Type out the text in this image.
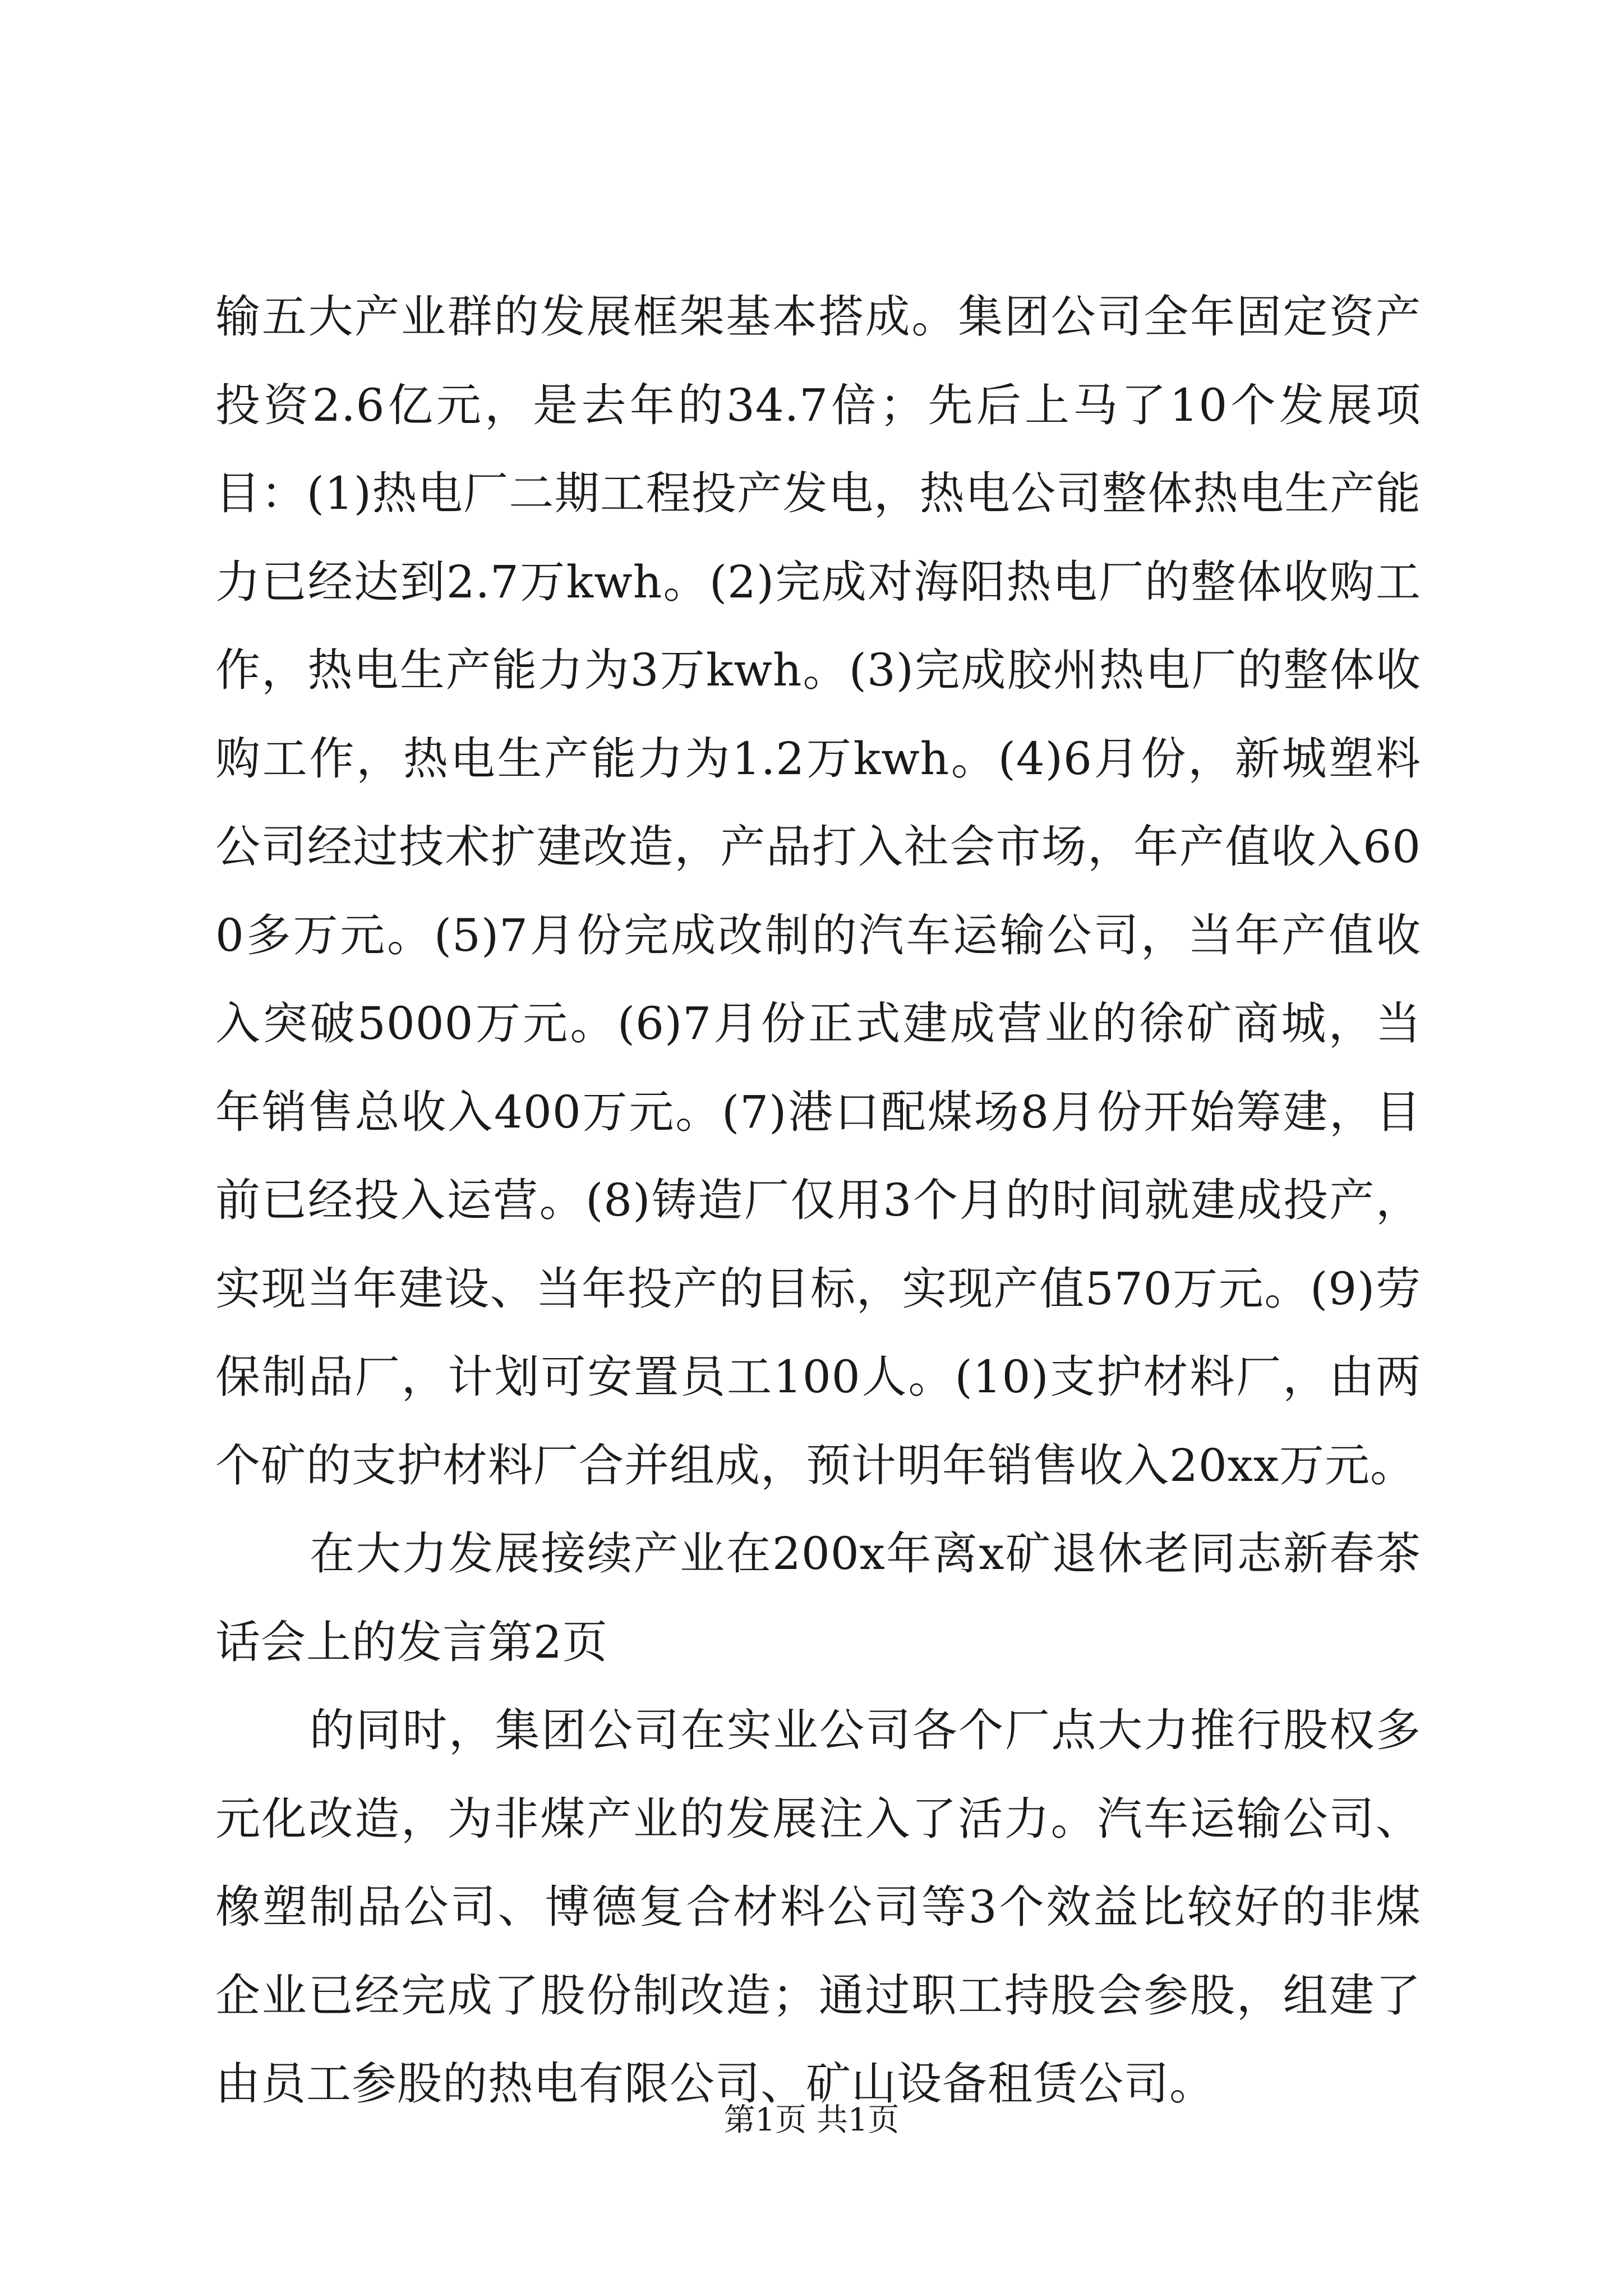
输五大产业群的发展框架基本搭成。集团公司全年固定资产投资2.6亿元，是去年的34.7倍；先后上马了10个发展项目：(1)热电厂二期工程投产发电，热电公司整体热电生产能力已经达到2.7万kwh。(2)完成对海阳热电厂的整体收购工作，热电生产能力为3万kwh。(3)完成胶州热电厂的整体收购工作，热电生产能力为1.2万kwh。(4)6月份，新城塑料公司经过技术扩建改造，产品打入社会市场，年产值收入600多万元。(5)7月份完成改制的汽车运输公司，当年产值收入突破5000万元。(6)7月份正式建成营业的徐矿商城，当年销售总收入400万元。(7)港口配煤场8月份开始筹建，目前已经投入运营。(8)铸造厂仅用3个月的时间就建成投产，实现当年建设、当年投产的目标，实现产值570万元。(9)劳保制品厂，计划可安置员工100人。(10)支护材料厂，由两个矿的支护材料厂合并组成，预计明年销售收入20xx万元。

在大力发展接续产业在200x年离x矿退休老同志新春茶话会上的发言第2页

的同时，集团公司在实业公司各个厂点大力推行股权多元化改造，为非煤产业的发展注入了活力。汽车运输公司、橡塑制品公司、博德复合材料公司等3个效益比较好的非煤企业已经完成了股份制改造；通过职工持股会参股，组建了由员工参股的热电有限公司、矿山设备租赁公司。

第1页 共1页
